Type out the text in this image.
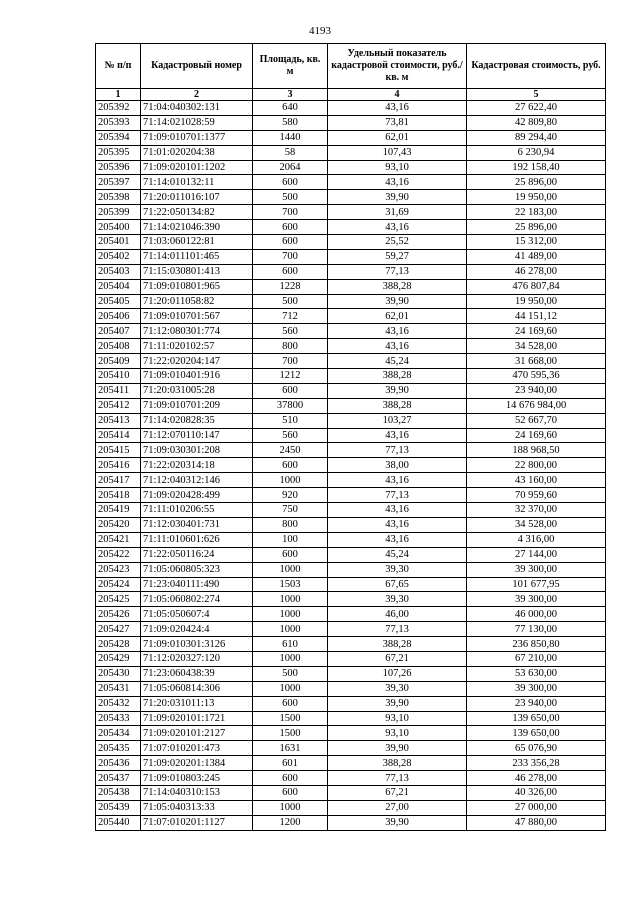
4193
№ п/п	Кадастровый номер	Площадь, кв. м	Удельный показатель кадастровой стоимости, руб./кв. м	Кадастровая стоимость, руб.
1	2	3	4	5
205392	71:04:040302:131	640	43,16	27 622,40
205393	71:14:021028:59	580	73,81	42 809,80
205394	71:09:010701:1377	1440	62,01	89 294,40
205395	71:01:020204:38	58	107,43	6 230,94
205396	71:09:020101:1202	2064	93,10	192 158,40
205397	71:14:010132:11	600	43,16	25 896,00
205398	71:20:011016:107	500	39,90	19 950,00
205399	71:22:050134:82	700	31,69	22 183,00
205400	71:14:021046:390	600	43,16	25 896,00
205401	71:03:060122:81	600	25,52	15 312,00
205402	71:14:011101:465	700	59,27	41 489,00
205403	71:15:030801:413	600	77,13	46 278,00
205404	71:09:010801:965	1228	388,28	476 807,84
205405	71:20:011058:82	500	39,90	19 950,00
205406	71:09:010701:567	712	62,01	44 151,12
205407	71:12:080301:774	560	43,16	24 169,60
205408	71:11:020102:57	800	43,16	34 528,00
205409	71:22:020204:147	700	45,24	31 668,00
205410	71:09:010401:916	1212	388,28	470 595,36
205411	71:20:031005:28	600	39,90	23 940,00
205412	71:09:010701:209	37800	388,28	14 676 984,00
205413	71:14:020828:35	510	103,27	52 667,70
205414	71:12:070110:147	560	43,16	24 169,60
205415	71:09:030301:208	2450	77,13	188 968,50
205416	71:22:020314:18	600	38,00	22 800,00
205417	71:12:040312:146	1000	43,16	43 160,00
205418	71:09:020428:499	920	77,13	70 959,60
205419	71:11:010206:55	750	43,16	32 370,00
205420	71:12:030401:731	800	43,16	34 528,00
205421	71:11:010601:626	100	43,16	4 316,00
205422	71:22:050116:24	600	45,24	27 144,00
205423	71:05:060805:323	1000	39,30	39 300,00
205424	71:23:040111:490	1503	67,65	101 677,95
205425	71:05:060802:274	1000	39,30	39 300,00
205426	71:05:050607:4	1000	46,00	46 000,00
205427	71:09:020424:4	1000	77,13	77 130,00
205428	71:09:010301:3126	610	388,28	236 850,80
205429	71:12:020327:120	1000	67,21	67 210,00
205430	71:23:060438:39	500	107,26	53 630,00
205431	71:05:060814:306	1000	39,30	39 300,00
205432	71:20:031011:13	600	39,90	23 940,00
205433	71:09:020101:1721	1500	93,10	139 650,00
205434	71:09:020101:2127	1500	93,10	139 650,00
205435	71:07:010201:473	1631	39,90	65 076,90
205436	71:09:020201:1384	601	388,28	233 356,28
205437	71:09:010803:245	600	77,13	46 278,00
205438	71:14:040310:153	600	67,21	40 326,00
205439	71:05:040313:33	1000	27,00	27 000,00
205440	71:07:010201:1127	1200	39,90	47 880,00
